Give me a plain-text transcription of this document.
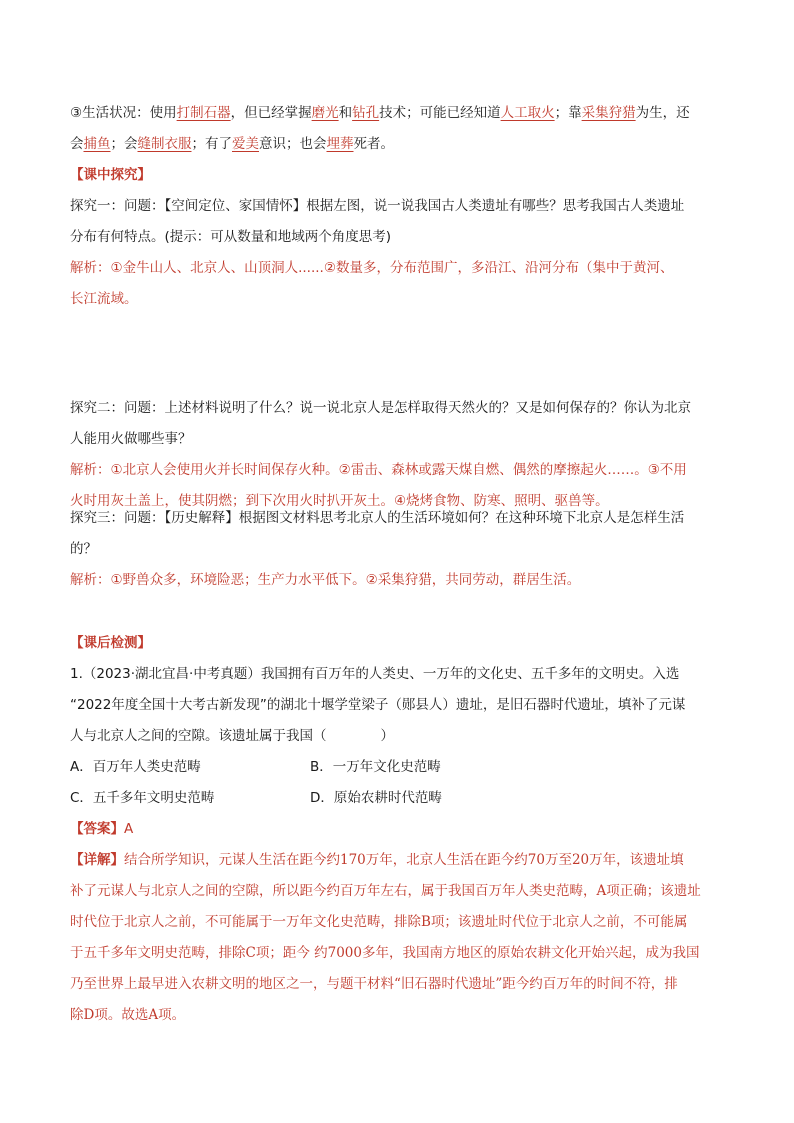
③生活状况：使用打制石器，但已经掌握磨光和钻孔技术；可能已经知道人工取火；靠采集狩猎为生，还
会捕鱼；会缝制衣服；有了爱美意识；也会埋葬死者。
【课中探究】
探究一：问题：【空间定位、家国情怀】根据左图，说一说我国古人类遗址有哪些？思考我国古人类遗址
分布有何特点。(提示：可从数量和地域两个角度思考)
解析：①金牛山人、北京人、山顶洞人......②数量多，分布范围广，多沿江、沿河分布（集中于黄河、
长江流域。
探究二：问题：上述材料说明了什么？说一说北京人是怎样取得天然火的？又是如何保存的？你认为北京
人能用火做哪些事？
解析：①北京人会使用火并长时间保存火种。②雷击、森林或露天煤自燃、偶然的摩擦起火……。③不用
火时用灰土盖上，使其阴燃；到下次用火时扒开灰土。④烧烤食物、防寒、照明、驱兽等。
探究三：问题：【历史解释】根据图文材料思考北京人的生活环境如何？在这种环境下北京人是怎样生活
的？
解析：①野兽众多，环境险恶；生产力水平低下。②采集狩猎，共同劳动，群居生活。
【课后检测】
1.（2023·湖北宜昌·中考真题）我国拥有百万年的人类史、一万年的文化史、五千多年的文明史。入选
“2022年度全国十大考古新发现”的湖北十堰学堂梁子（郧县人）遗址，是旧石器时代遗址，填补了元谋
人与北京人之间的空隙。该遗址属于我国（　　　　）
A．百万年人类史范畴	B．一万年文化史范畴
C．五千多年文明史范畴	D．原始农耕时代范畴
【答案】A
【详解】结合所学知识，元谋人生活在距今约170万年，北京人生活在距今约70万至20万年，该遗址填
补了元谋人与北京人之间的空隙，所以距今约百万年左右，属于我国百万年人类史范畴，A项正确；该遗址
时代位于北京人之前，不可能属于一万年文化史范畴，排除B项；该遗址时代位于北京人之前，不可能属
于五千多年文明史范畴，排除C项；距今 约7000多年，我国南方地区的原始农耕文化开始兴起，成为我国
乃至世界上最早进入农耕文明的地区之一，与题干材料“旧石器时代遗址”距今约百万年的时间不符，排
除D项。故选A项。
